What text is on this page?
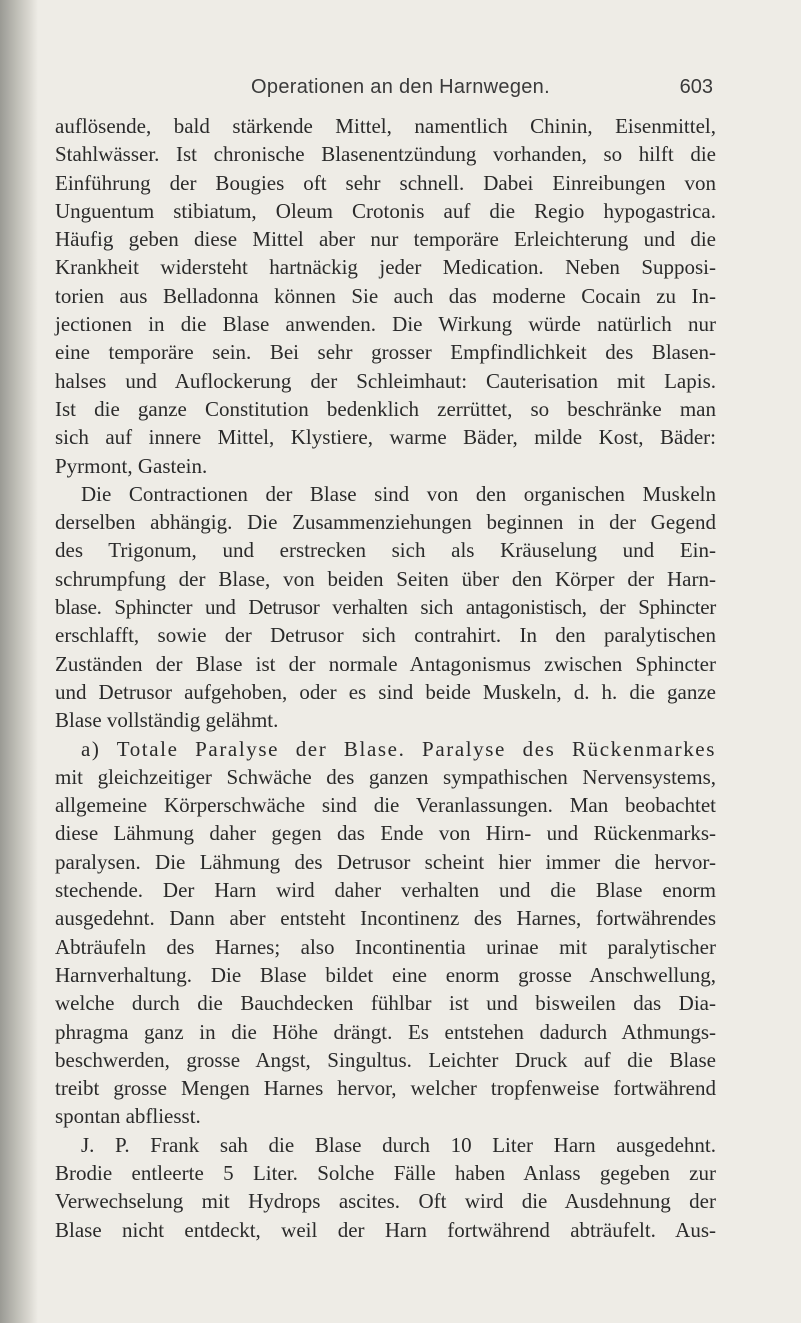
Operationen an den Harnwegen.	603
auflösende, bald stärkende Mittel, namentlich Chinin, Eisenmittel,
Stahlwässer. Ist chronische Blasenentzündung vorhanden, so hilft die
Einführung der Bougies oft sehr schnell. Dabei Einreibungen von
Unguentum stibiatum, Oleum Crotonis auf die Regio hypogastrica.
Häufig geben diese Mittel aber nur temporäre Erleichterung und die
Krankheit widersteht hartnäckig jeder Medication. Neben Supposi-
torien aus Belladonna können Sie auch das moderne Cocain zu In-
jectionen in die Blase anwenden. Die Wirkung würde natürlich nur
eine temporäre sein. Bei sehr grosser Empfindlichkeit des Blasen-
halses und Auflockerung der Schleimhaut: Cauterisation mit Lapis.
Ist die ganze Constitution bedenklich zerrüttet, so beschränke man
sich auf innere Mittel, Klystiere, warme Bäder, milde Kost, Bäder:
Pyrmont, Gastein.
Die Contractionen der Blase sind von den organischen Muskeln
derselben abhängig. Die Zusammenziehungen beginnen in der Gegend
des Trigonum, und erstrecken sich als Kräuselung und Ein-
schrumpfung der Blase, von beiden Seiten über den Körper der Harn-
blase. Sphincter und Detrusor verhalten sich antagonistisch, der Sphincter
erschlafft, sowie der Detrusor sich contrahirt. In den paralytischen
Zuständen der Blase ist der normale Antagonismus zwischen Sphincter
und Detrusor aufgehoben, oder es sind beide Muskeln, d. h. die ganze
Blase vollständig gelähmt.
a) Totale Paralyse der Blase. Paralyse des Rückenmarkes
mit gleichzeitiger Schwäche des ganzen sympathischen Nervensystems,
allgemeine Körperschwäche sind die Veranlassungen. Man beobachtet
diese Lähmung daher gegen das Ende von Hirn- und Rückenmarks-
paralysen. Die Lähmung des Detrusor scheint hier immer die hervor-
stechende. Der Harn wird daher verhalten und die Blase enorm
ausgedehnt. Dann aber entsteht Incontinenz des Harnes, fortwährendes
Abträufeln des Harnes; also Incontinentia urinae mit paralytischer
Harnverhaltung. Die Blase bildet eine enorm grosse Anschwellung,
welche durch die Bauchdecken fühlbar ist und bisweilen das Dia-
phragma ganz in die Höhe drängt. Es entstehen dadurch Athmungs-
beschwerden, grosse Angst, Singultus. Leichter Druck auf die Blase
treibt grosse Mengen Harnes hervor, welcher tropfenweise fortwährend
spontan abfliesst.
J. P. Frank sah die Blase durch 10 Liter Harn ausgedehnt.
Brodie entleerte 5 Liter. Solche Fälle haben Anlass gegeben zur
Verwechselung mit Hydrops ascites. Oft wird die Ausdehnung der
Blase nicht entdeckt, weil der Harn fortwährend abträufelt. Aus-
